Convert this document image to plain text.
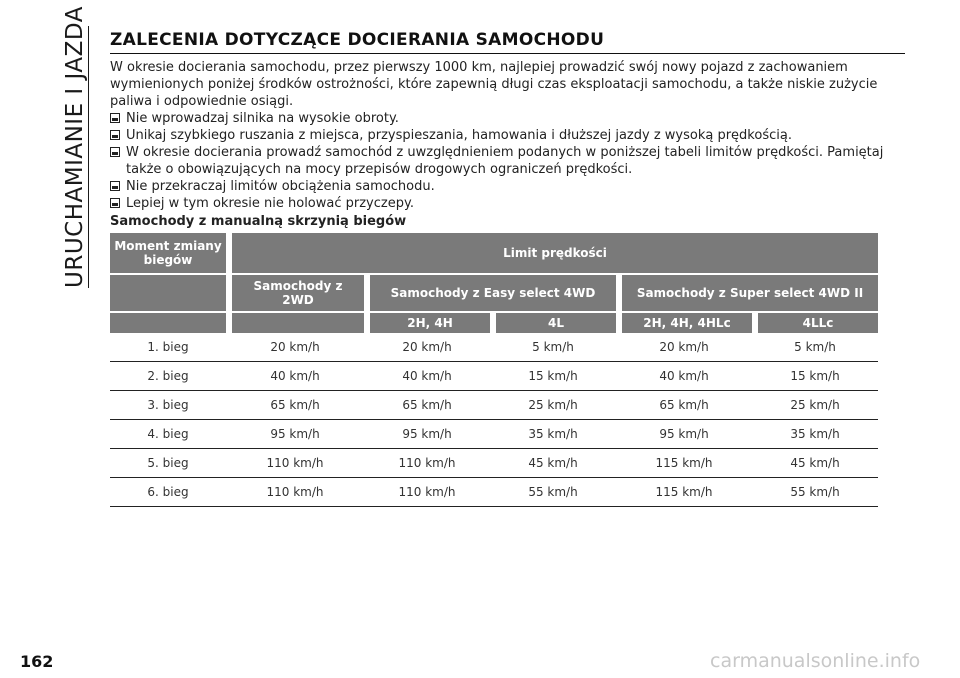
URUCHAMIANIE I JAZDA ZALECENIA DOTYCZĄCE DOCIERANIA SAMOCHODU

W okresie docierania samochodu, przez pierwszy 1000 km, najlepiej prowadzić swój nowy pojazd z zachowaniem wymienionych poniżej środków ostrożności, które zapewnią długi czas eksploatacji samochodu, a także niskie zużycie paliwa i odpowiednie osiągi.

Nie wprowadzaj silnika na wysokie obroty.
Unikaj szybkiego ruszania z miejsca, przyspieszania, hamowania i dłuższej jazdy z wysoką prędkością.
W okresie docierania prowadź samochód z uwzględnieniem podanych w poniższej tabeli limitów prędkości. Pamiętaj także o obowiązujących na mocy przepisów drogowych ograniczeń prędkości.
Nie przekraczaj limitów obciążenia samochodu.
Lepiej w tym okresie nie holować przyczepy.
Samochody z manualną skrzynią biegów
Moment zmiany biegów	Limit prędkości				
	Samochody z 2WD	Samochody z Easy select 4WD		Samochody z Super select 4WD II	
		2H, 4H	4L	2H, 4H, 4HLc	4LLc
1. bieg	20 km/h	20 km/h	5 km/h	20 km/h	5 km/h
2. bieg	40 km/h	40 km/h	15 km/h	40 km/h	15 km/h
3. bieg	65 km/h	65 km/h	25 km/h	65 km/h	25 km/h
4. bieg	95 km/h	95 km/h	35 km/h	95 km/h	35 km/h
5. bieg	110 km/h	110 km/h	45 km/h	115 km/h	45 km/h
6. bieg	110 km/h	110 km/h	55 km/h	115 km/h	55 km/h
162	carmanualsonline.info
